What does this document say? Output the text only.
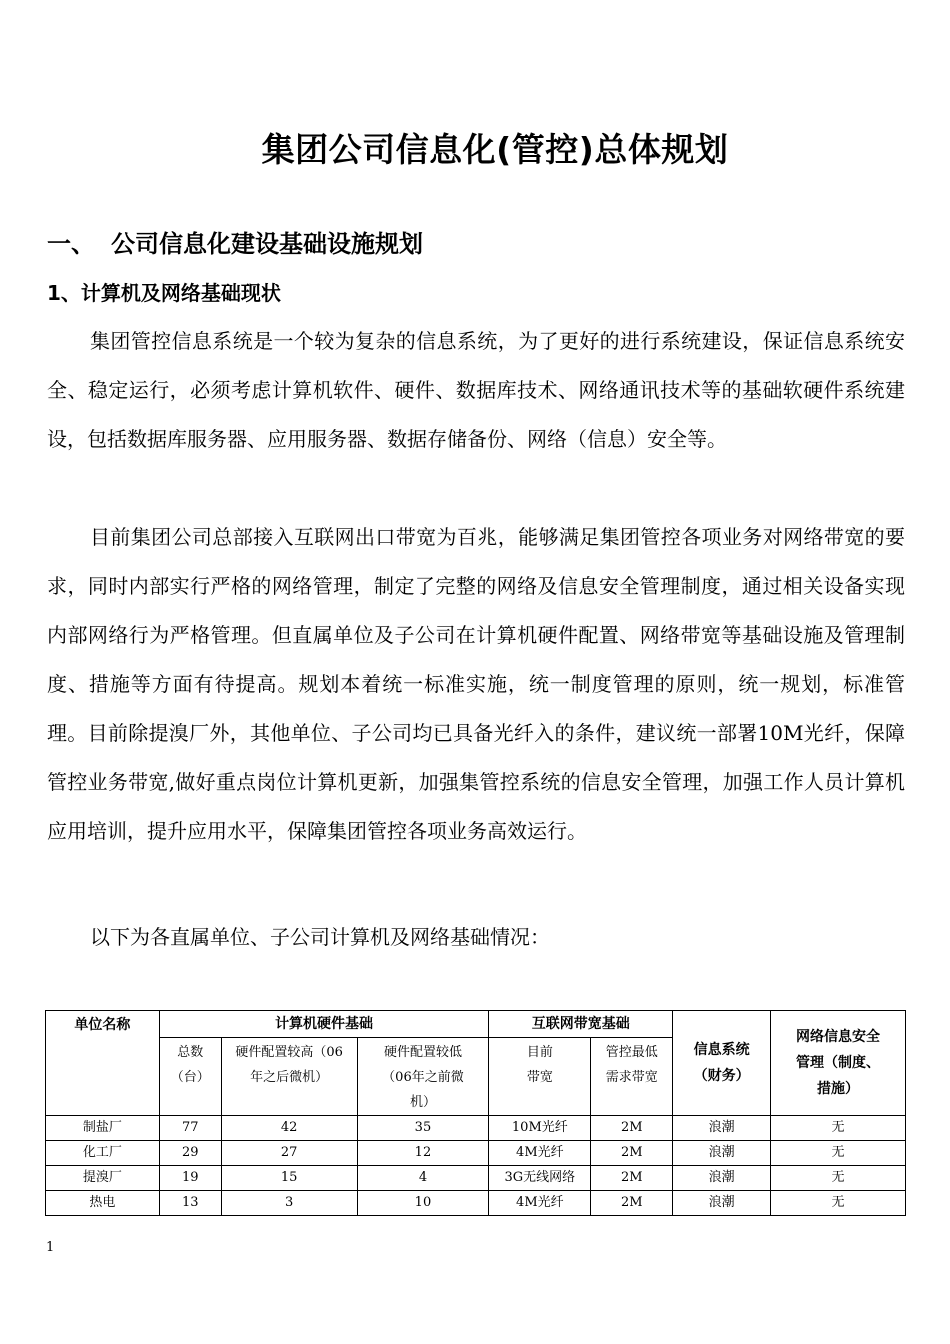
集团公司信息化(管控)总体规划
一、 公司信息化建设基础设施规划
1、计算机及网络基础现状

集团管控信息系统是一个较为复杂的信息系统，为了更好的进行系统建设，保证信息系统安全、稳定运行，必须考虑计算机软件、硬件、数据库技术、网络通讯技术等的基础软硬件系统建设，包括数据库服务器、应用服务器、数据存储备份、网络（信息）安全等。

目前集团公司总部接入互联网出口带宽为百兆，能够满足集团管控各项业务对网络带宽的要求，同时内部实行严格的网络管理，制定了完整的网络及信息安全管理制度，通过相关设备实现内部网络行为严格管理。但直属单位及子公司在计算机硬件配置、网络带宽等基础设施及管理制度、措施等方面有待提高。规划本着统一标准实施，统一制度管理的原则，统一规划，标准管理。目前除提溴厂外，其他单位、子公司均已具备光纤入的条件，建议统一部署10M光纤，保障管控业务带宽,做好重点岗位计算机更新，加强集管控系统的信息安全管理，加强工作人员计算机应用培训，提升应用水平，保障集团管控各项业务高效运行。

以下为各直属单位、子公司计算机及网络基础情况：

单位名称	计算机硬件基础			互联网带宽基础		信息系统（财务）	网络信息安全管理（制度、措施）
	总数（台）	硬件配置较高（06年之后微机）	硬件配置较低（06年之前微机）	目前带宽	管控最低需求带宽		
制盐厂	77	42	35	10M光纤	2M	浪潮	无
化工厂	29	27	12	4M光纤	2M	浪潮	无
提溴厂	19	15	4	3G无线网络	2M	浪潮	无
热电	13	3	10	4M光纤	2M	浪潮	无
1
